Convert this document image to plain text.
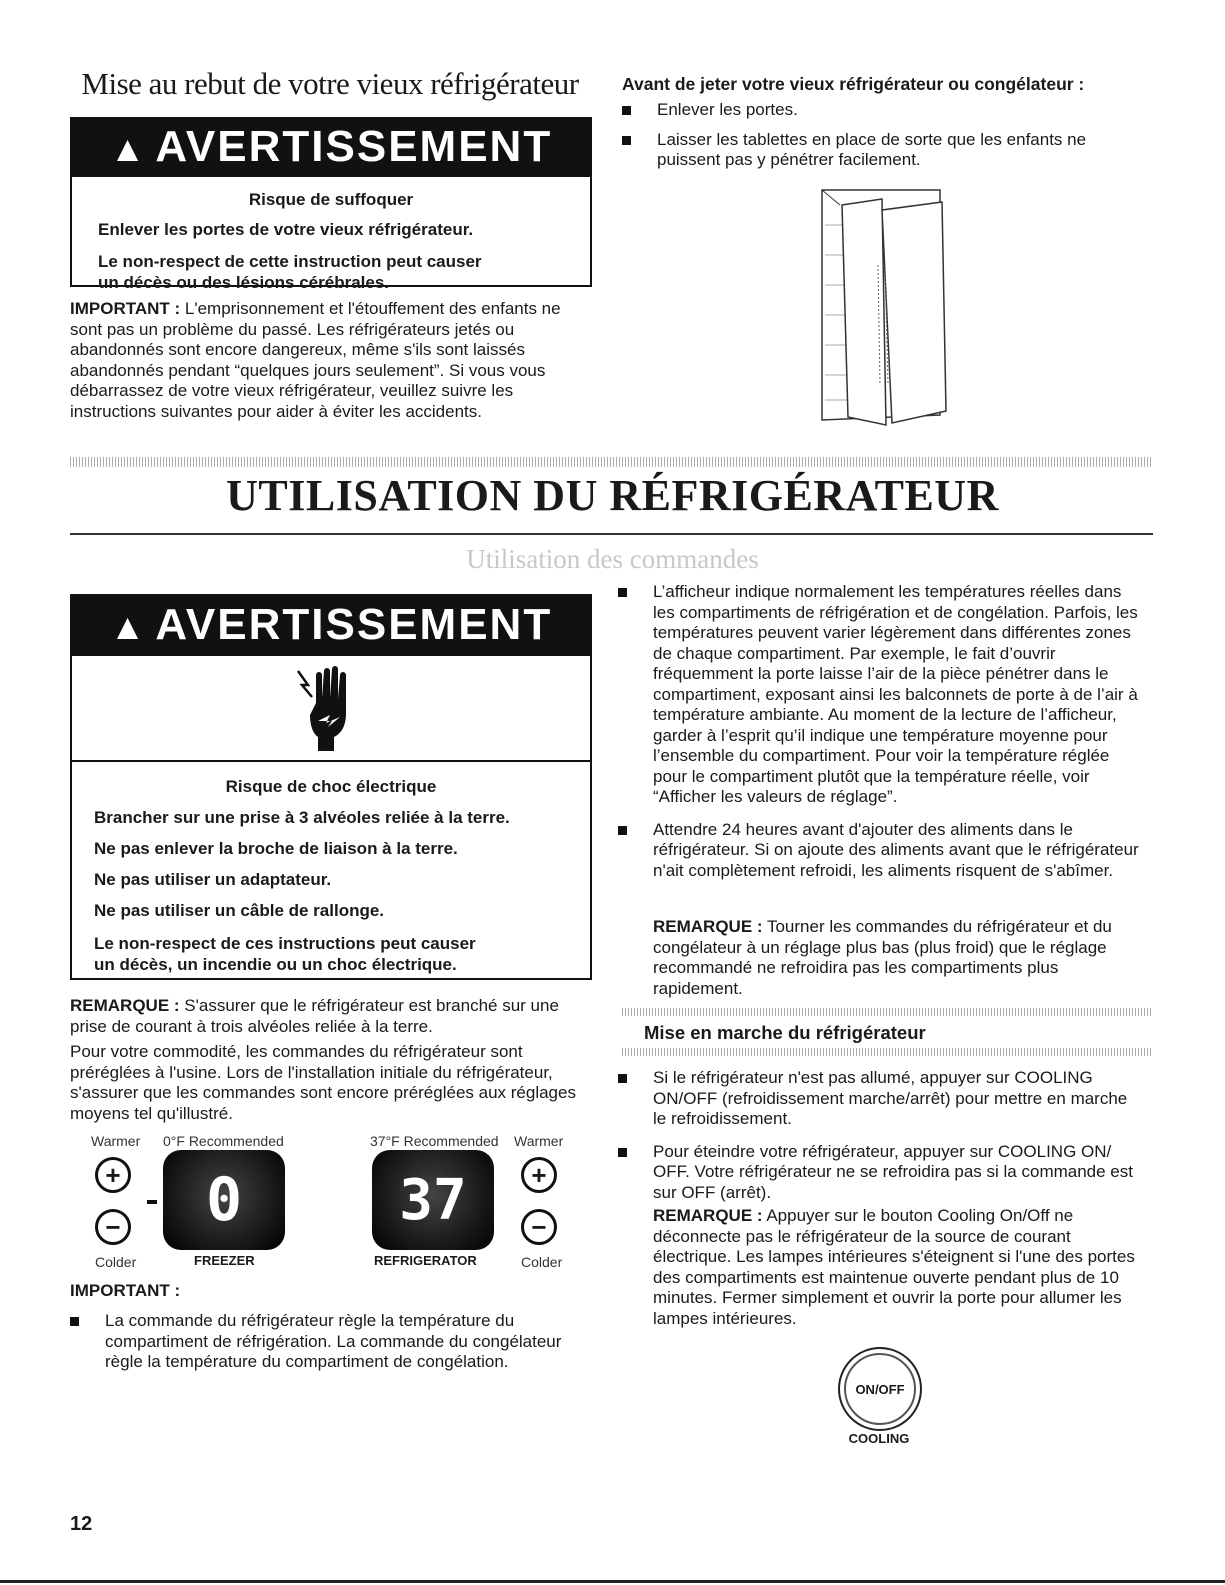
Mise au rebut de votre vieux réfrigérateur
▲ AVERTISSEMENT
Risque de suffoquer
Enlever les portes de votre vieux réfrigérateur.
Le non-respect de cette instruction peut causer
un décès ou des lésions cérébrales.
IMPORTANT : L'emprisonnement et l'étouffement des enfants ne
sont pas un problème du passé. Les réfrigérateurs jetés ou
abandonnés sont encore dangereux, même s'ils sont laissés
abandonnés pendant “quelques jours seulement”. Si vous vous
débarrassez de votre vieux réfrigérateur, veuillez suivre les
instructions suivantes pour aider à éviter les accidents.
Avant de jeter votre vieux réfrigérateur ou congélateur :
Enlever les portes.
Laisser les tablettes en place de sorte que les enfants ne puissent pas y pénétrer facilement.
UTILISATION DU RÉFRIGÉRATEUR
Utilisation des commandes
▲ AVERTISSEMENT
Risque de choc électrique
Brancher sur une prise à 3 alvéoles reliée à la terre.
Ne pas enlever la broche de liaison à la terre.
Ne pas utiliser un adaptateur.
Ne pas utiliser un câble de rallonge.
Le non-respect de ces instructions peut causer
un décès, un incendie ou un choc électrique.
REMARQUE : S'assurer que le réfrigérateur est branché sur une prise de courant à trois alvéoles reliée à la terre.
Pour votre commodité, les commandes du réfrigérateur sont préréglées à l'usine. Lors de l'installation initiale du réfrigérateur, s'assurer que les commandes sont encore préréglées aux réglages moyens tel qu'illustré.
Warmer 0°F Recommended
+
− 0
Colder	FREEZER
37°F Recommended Warmer
37 +
−
REFRIGERATOR	Colder
IMPORTANT :
La commande du réfrigérateur règle la température du compartiment de réfrigération. La commande du congélateur règle la température du compartiment de congélation.
L’afficheur indique normalement les températures réelles dans les compartiments de réfrigération et de congélation. Parfois, les températures peuvent varier légèrement dans différentes zones de chaque compartiment. Par exemple, le fait d’ouvrir fréquemment la porte laisse l’air de la pièce pénétrer dans le compartiment, exposant ainsi les balconnets de porte à de l’air à température ambiante. Au moment de la lecture de l’afficheur, garder à l’esprit qu’il indique une température moyenne pour l’ensemble du compartiment. Pour voir la température réglée pour le compartiment plutôt que la température réelle, voir “Afficher les valeurs de réglage”.
Attendre 24 heures avant d'ajouter des aliments dans le réfrigérateur. Si on ajoute des aliments avant que le réfrigérateur n'ait complètement refroidi, les aliments risquent de s'abîmer.
REMARQUE : Tourner les commandes du réfrigérateur et du congélateur à un réglage plus bas (plus froid) que le réglage recommandé ne refroidira pas les compartiments plus rapidement.
Mise en marche du réfrigérateur
Si le réfrigérateur n'est pas allumé, appuyer sur COOLING ON/OFF (refroidissement marche/arrêt) pour mettre en marche le refroidissement.
Pour éteindre votre réfrigérateur, appuyer sur COOLING ON/ OFF. Votre réfrigérateur ne se refroidira pas si la commande est sur OFF (arrêt).
REMARQUE : Appuyer sur le bouton Cooling On/Off ne déconnecte pas le réfrigérateur de la source de courant électrique. Les lampes intérieures s'éteignent si l'une des portes des compartiments est maintenue ouverte pendant plus de 10 minutes. Fermer simplement et ouvrir la porte pour allumer les lampes intérieures.
ON/OFF
COOLING
12
